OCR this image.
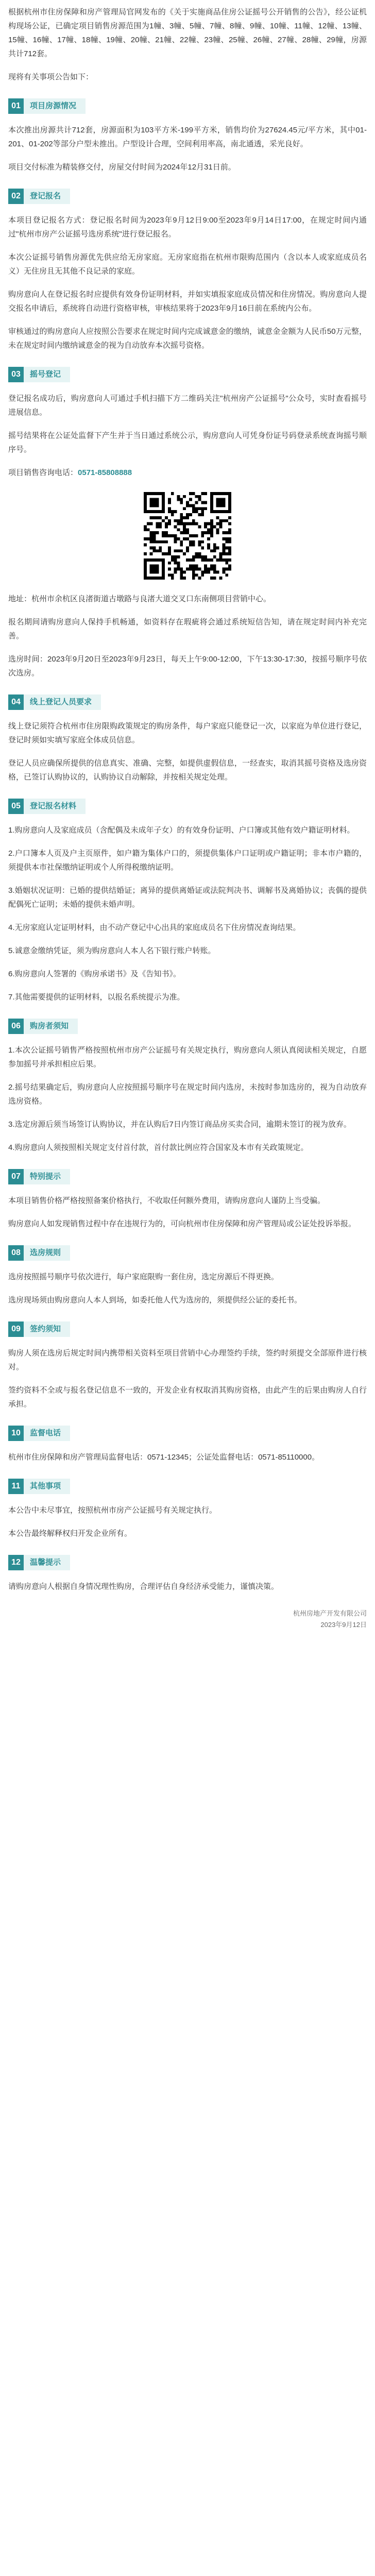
根据杭州市住房保障和房产管理局官网发布的《关于实施商品住房公证摇号公开销售的公告》，经公证机构现场公证，已确定项目销售房源范围为1幢、3幢、5幢、7幢、8幢、9幢、10幢、11幢、12幢、13幢、15幢、16幢、17幢、18幢、19幢、20幢、21幢、22幢、23幢、25幢、26幢、27幢、28幢、29幢，房源共计712套。

现将有关事项公告如下：

01	项目房源情况

本次推出房源共计712套，房源面积为103平方米-199平方米，销售均价为27624.45元/平方米，其中01-201、01-202等部分户型未推出。户型设计合理，空间利用率高，南北通透，采光良好。

项目交付标准为精装修交付，房屋交付时间为2024年12月31日前。

02	登记报名

本项目登记报名方式：登记报名时间为2023年9月12日9:00至2023年9月14日17:00，在规定时间内通过"杭州市房产公证摇号选房系统"进行登记报名。

本次公证摇号销售房源优先供应给无房家庭。无房家庭指在杭州市限购范围内（含以本人或家庭成员名义）无住房且无其他不良记录的家庭。

购房意向人在登记报名时应提供有效身份证明材料，并如实填报家庭成员情况和住房情况。购房意向人提交报名申请后，系统将自动进行资格审核，审核结果将于2023年9月16日前在系统内公布。

审核通过的购房意向人应按照公告要求在规定时间内完成诚意金的缴纳，诚意金金额为人民币50万元整，未在规定时间内缴纳诚意金的视为自动放弃本次摇号资格。

03	摇号登记

登记报名成功后，购房意向人可通过手机扫描下方二维码关注"杭州房产公证摇号"公众号，实时查看摇号进展信息。

摇号结果将在公证处监督下产生并于当日通过系统公示，购房意向人可凭身份证号码登录系统查询摇号顺序号。

项目销售咨询电话：0571-85808888

地址：杭州市余杭区良渚街道古墩路与良渚大道交叉口东南侧项目营销中心。

报名期间请购房意向人保持手机畅通，如资料存在瑕疵将会通过系统短信告知，请在规定时间内补充完善。

选房时间：2023年9月20日至2023年9月23日，每天上午9:00-12:00，下午13:30-17:30，按摇号顺序号依次选房。

04	线上登记人员要求

线上登记须符合杭州市住房限购政策规定的购房条件，每户家庭只能登记一次，以家庭为单位进行登记，登记时须如实填写家庭全体成员信息。

登记人员应确保所提供的信息真实、准确、完整，如提供虚假信息，一经查实，取消其摇号资格及选房资格，已签订认购协议的，认购协议自动解除，并按相关规定处理。

05	登记报名材料

1.购房意向人及家庭成员（含配偶及未成年子女）的有效身份证明、户口簿或其他有效户籍证明材料。

2.户口簿本人页及户主页原件，如户籍为集体户口的，须提供集体户口证明或户籍证明；非本市户籍的，须提供本市社保缴纳证明或个人所得税缴纳证明。

3.婚姻状况证明：已婚的提供结婚证；离异的提供离婚证或法院判决书、调解书及离婚协议；丧偶的提供配偶死亡证明；未婚的提供未婚声明。

4.无房家庭认定证明材料，由不动产登记中心出具的家庭成员名下住房情况查询结果。

5.诚意金缴纳凭证，须为购房意向人本人名下银行账户转账。

6.购房意向人签署的《购房承诺书》及《告知书》。

7.其他需要提供的证明材料，以报名系统提示为准。

06	购房者须知

1.本次公证摇号销售严格按照杭州市房产公证摇号有关规定执行，购房意向人须认真阅读相关规定，自愿参加摇号并承担相应后果。

2.摇号结果确定后，购房意向人应按照摇号顺序号在规定时间内选房，未按时参加选房的，视为自动放弃选房资格。

3.选定房源后须当场签订认购协议，并在认购后7日内签订商品房买卖合同，逾期未签订的视为放弃。

4.购房意向人须按照相关规定支付首付款，首付款比例应符合国家及本市有关政策规定。

07	特别提示

本项目销售价格严格按照备案价格执行，不收取任何额外费用，请购房意向人谨防上当受骗。

购房意向人如发现销售过程中存在违规行为的，可向杭州市住房保障和房产管理局或公证处投诉举报。

08	选房规则

选房按照摇号顺序号依次进行，每户家庭限购一套住房，选定房源后不得更换。

选房现场须由购房意向人本人到场，如委托他人代为选房的，须提供经公证的委托书。

09	签约须知

购房人须在选房后规定时间内携带相关资料至项目营销中心办理签约手续，签约时须提交全部原件进行核对。

签约资料不全或与报名登记信息不一致的，开发企业有权取消其购房资格，由此产生的后果由购房人自行承担。

10	监督电话

杭州市住房保障和房产管理局监督电话：0571-12345；公证处监督电话：0571-85110000。

11	其他事项

本公告中未尽事宜，按照杭州市房产公证摇号有关规定执行。

本公告最终解释权归开发企业所有。

12	温馨提示

请购房意向人根据自身情况理性购房，合理评估自身经济承受能力，谨慎决策。

杭州房地产开发有限公司
2023年9月12日
